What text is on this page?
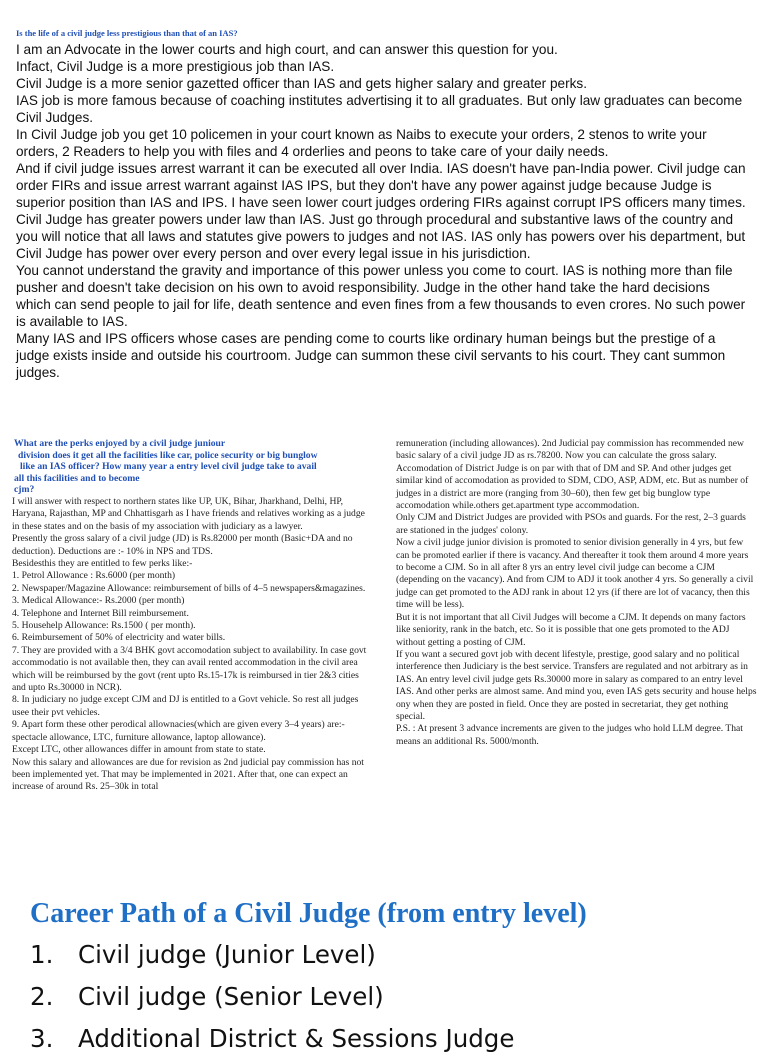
Is the life of a civil judge less prestigious than that of an IAS?

I am an Advocate in the lower courts and high court, and can answer this question for you.

Infact, Civil Judge is a more prestigious job than IAS.

Civil Judge is a more senior gazetted officer than IAS and gets higher salary and greater perks.

IAS job is more famous because of coaching institutes advertising it to all graduates. But only law graduates can become Civil Judges.

In Civil Judge job you get 10 policemen in your court known as Naibs to execute your orders, 2 stenos to write your orders, 2 Readers to help you with files and 4 orderlies and peons to take care of your daily needs.

And if civil judge issues arrest warrant it can be executed all over India. IAS doesn't have pan-India power. Civil judge can order FIRs and issue arrest warrant against IAS IPS, but they don't have any power against judge because Judge is superior position than IAS and IPS. I have seen lower court judges ordering FIRs against corrupt IPS officers many times.

Civil Judge has greater powers under law than IAS. Just go through procedural and substantive laws of the country and you will notice that all laws and statutes give powers to judges and not IAS. IAS only has powers over his department, but Civil Judge has power over every person and over every legal issue in his jurisdiction.

You cannot understand the gravity and importance of this power unless you come to court. IAS is nothing more than file pusher and doesn't take decision on his own to avoid responsibility. Judge in the other hand take the hard decisions which can send people to jail for life, death sentence and even fines from a few thousands to even crores. No such power is available to IAS.

Many IAS and IPS officers whose cases are pending come to courts like ordinary human beings but the prestige of a judge exists inside and outside his courtroom. Judge can summon these civil servants to his court. They cant summon judges.

What are the perks enjoyed by a civil judge juniour
division does it get all the facilities like car, police security or big bunglow
like an IAS officer? How many year a entry level civil judge take to avail
all this facilities and to become
cjm?

I will answer with respect to northern states like UP, UK, Bihar, Jharkhand, Delhi, HP, Haryana, Rajasthan, MP and Chhattisgarh as I have friends and relatives working as a judge in these states and on the basis of my association with judiciary as a lawyer.

Presently the gross salary of a civil judge (JD) is Rs.82000 per month (Basic+DA and no deduction). Deductions are :- 10% in NPS and TDS.

Besidesthis they are entitled to few perks like:-

1. Petrol Allowance : Rs.6000 (per month)

2. Newspaper/Magazine Allowance: reimbursement of bills of 4–5 newspapers&magazines.

3. Medical Allowance:- Rs.2000 (per month)

4. Telephone and Internet Bill reimbursement.

5. Househelp Allowance: Rs.1500 ( per month).

6. Reimbursement of 50% of electricity and water bills.

7. They are provided with a 3/4 BHK govt accomodation subject to availability. In case govt accommodatio is not available then, they can avail rented accommodation in the civil area which will be reimbursed by the govt (rent upto Rs.15-17k is reimbursed in tier 2&3 cities and upto Rs.30000 in NCR).

8. In judiciary no judge except CJM and DJ is entitled to a Govt vehicle. So rest all judges usee their pvt vehicles.

9. Apart form these other perodical allownacies(which are given every 3–4 years) are:- spectacle allowance, LTC, furniture allowance, laptop allowance).

Except LTC, other allowances differ in amount from state to state.

Now this salary and allowances are due for revision as 2nd judicial pay commission has not been implemented yet. That may be implemented in 2021. After that, one can expect an increase of around Rs. 25–30k in total

remuneration (including allowances). 2nd Judicial pay commission has recommended new basic salary of a civil judge JD as rs.78200. Now you can calculate the gross salary.

Accomodation of District Judge is on par with that of DM and SP. And other judges get similar kind of accomodation as provided to SDM, CDO, ASP, ADM, etc. But as number of judges in a district are more (ranging from 30–60), then few get big bunglow type accomodation while.others get.apartment type accommodation.

Only CJM and District Judges are provided with PSOs and guards. For the rest, 2–3 guards are stationed in the judges' colony.

Now a civil judge junior division is promoted to senior division generally in 4 yrs, but few can be promoted earlier if there is vacancy. And thereafter it took them around 4 more years to become a CJM. So in all after 8 yrs an entry level civil judge can become a CJM (depending on the vacancy). And from CJM to ADJ it took another 4 yrs. So generally a civil judge can get promoted to the ADJ rank in about 12 yrs (if there are lot of vacancy, then this time will be less).

But it is not important that all Civil Judges will become a CJM. It depends on many factors like seniority, rank in the batch, etc. So it is possible that one gets promoted to the ADJ without getting a posting of CJM.

If you want a secured govt job with decent lifestyle, prestige, good salary and no political interference then Judiciary is the best service. Transfers are regulated and not arbitrary as in IAS. An entry level civil judge gets Rs.30000 more in salary as compared to an entry level IAS. And other perks are almost same. And mind you, even IAS gets security and house helps ony when they are posted in field. Once they are posted in secretariat, they get nothing special.

P.S. : At present 3 advance increments are given to the judges who hold LLM degree. That means an additional Rs. 5000/month.

Career Path of a Civil Judge (from entry level)
1. Civil judge (Junior Level)
2. Civil judge (Senior Level)
3. Additional District & Sessions Judge
